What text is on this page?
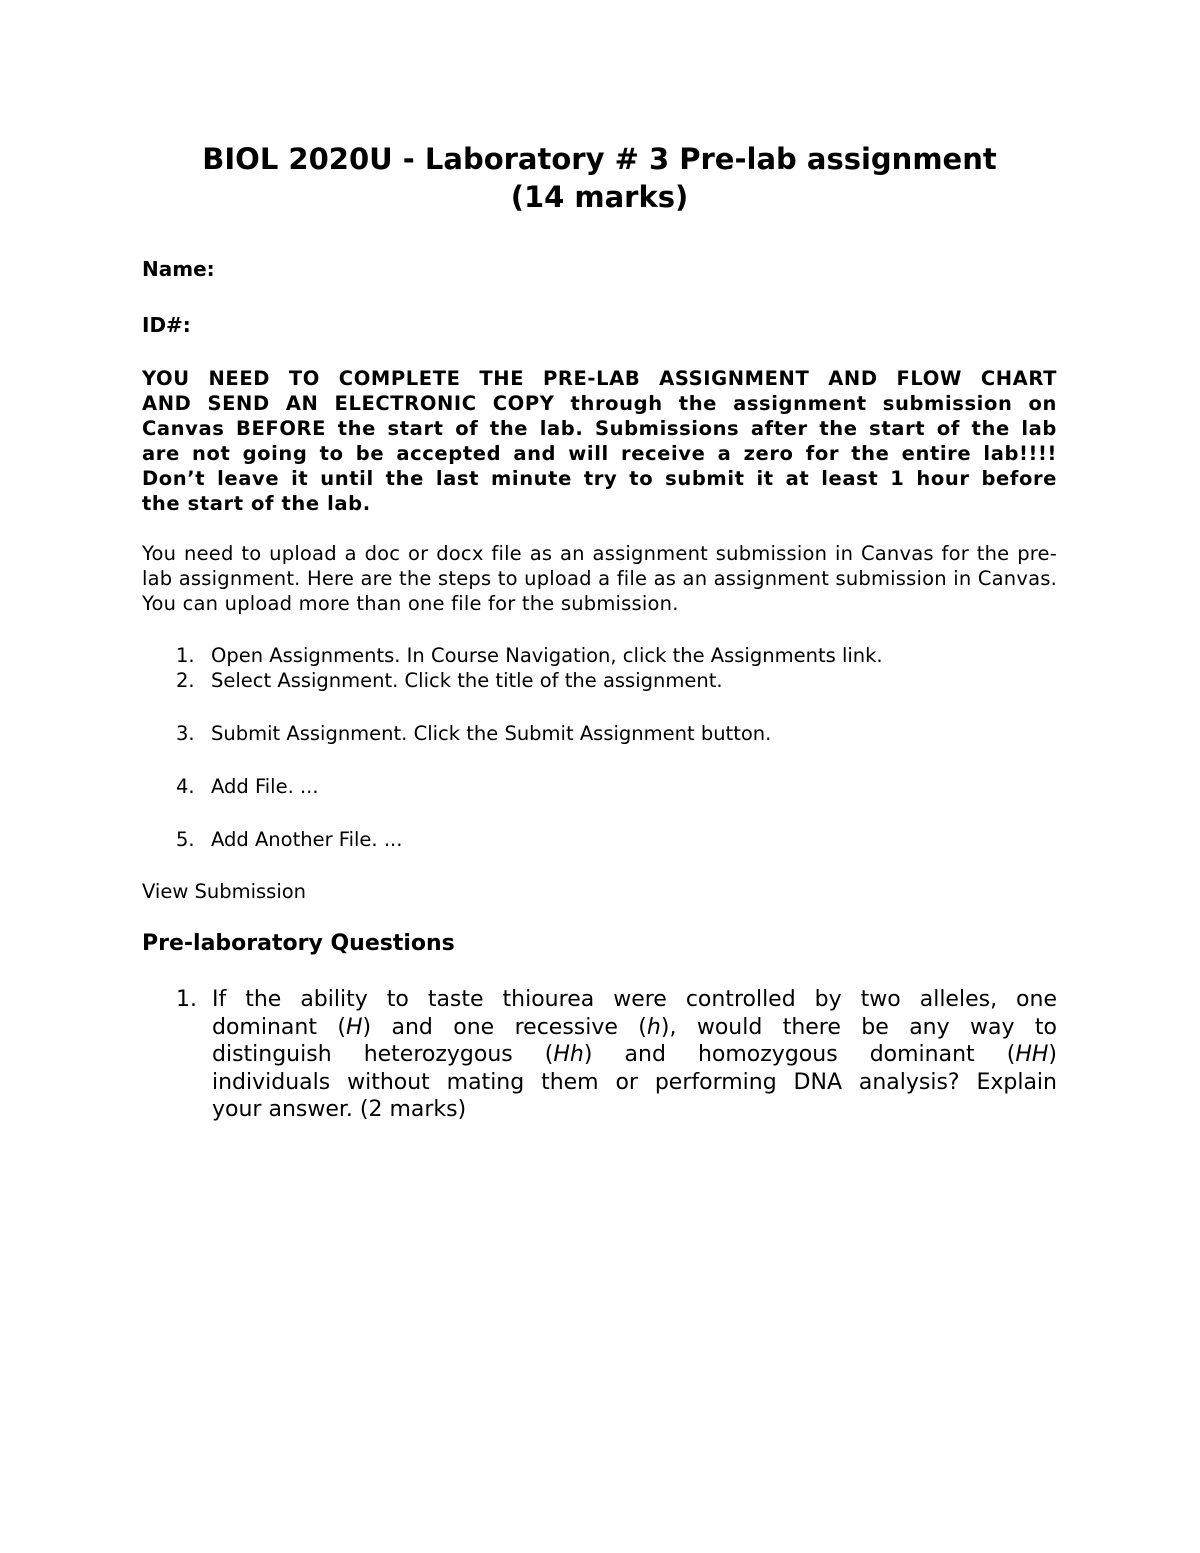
BIOL 2020U - Laboratory # 3 Pre-lab assignment
(14 marks)

Name:

ID#:

YOU NEED TO COMPLETE THE PRE-LAB ASSIGNMENT AND FLOW CHART
AND SEND AN ELECTRONIC COPY through the assignment submission on
Canvas BEFORE the start of the lab. Submissions after the start of the lab
are not going to be accepted and will receive a zero for the entire lab!!!!
Don’t leave it until the last minute try to submit it at least 1 hour before
the start of the lab.
You need to upload a doc or docx file as an assignment submission in Canvas for the pre-lab assignment. Here are the steps to upload a file as an assignment submission in Canvas. You can upload more than one file for the submission.
1. Open Assignments. In Course Navigation, click the Assignments link.
2. Select Assignment. Click the title of the assignment.
3. Submit Assignment. Click the Submit Assignment button.
4. Add File. ...
5. Add Another File. ...
View Submission
Pre-laboratory Questions
1. If the ability to taste thiourea were controlled by two alleles, one
dominant (H) and one recessive (h), would there be any way to
distinguish heterozygous (Hh) and homozygous dominant (HH)
individuals without mating them or performing DNA analysis? Explain
your answer. (2 marks)
